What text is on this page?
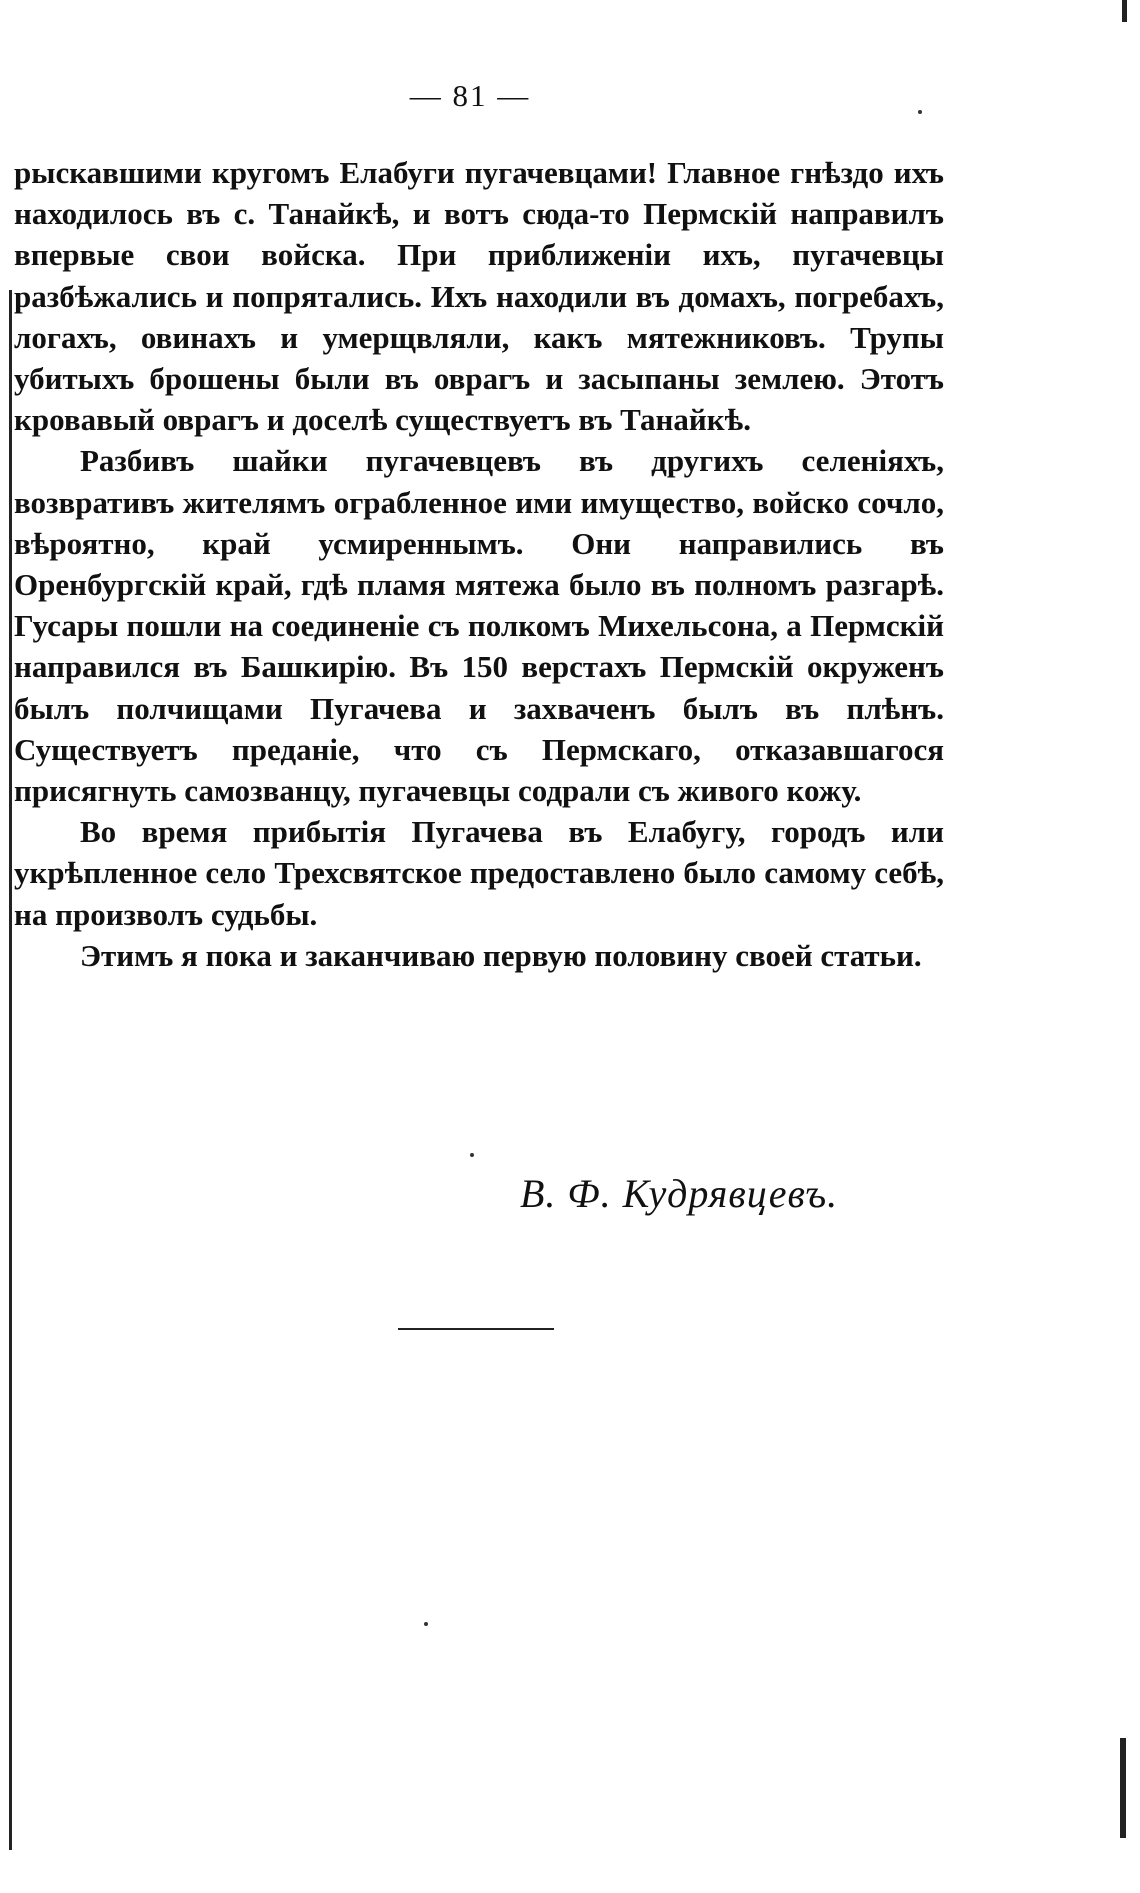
— 81 —

рыскавшими кругомъ Елабуги пугачевцами! Главное гнѣздо ихъ находилось въ с. Танайкѣ, и вотъ сюда-то Пермскій направилъ впервые свои войска. При приближеніи ихъ, пугачевцы разбѣжались и попрятались. Ихъ находили въ домахъ, погребахъ, логахъ, овинахъ и умерщвляли, какъ мятежниковъ. Трупы убитыхъ брошены были въ оврагъ и засыпаны землею. Этотъ кровавый оврагъ и доселѣ существуетъ въ Танайкѣ.

Разбивъ шайки пугачевцевъ въ другихъ селеніяхъ, возвративъ жителямъ ограбленное ими имущество, войско сочло, вѣроятно, край усмиреннымъ. Они направились въ Оренбургскій край, гдѣ пламя мятежа было въ полномъ разгарѣ. Гусары пошли на соединеніе съ полкомъ Михельсона, а Пермскій направился въ Башкирію. Въ 150 верстахъ Пермскій окруженъ былъ полчищами Пугачева и захваченъ былъ въ плѣнъ. Существуетъ преданіе, что съ Пермскаго, отказавшагося присягнуть самозванцу, пугачевцы содрали съ живого кожу.

Во время прибытія Пугачева въ Елабугу, городъ или укрѣпленное село Трехсвятское предоставлено было самому себѣ, на произволъ судьбы.

Этимъ я пока и заканчиваю первую половину своей статьи.

В. Ф. Кудрявцевъ.
